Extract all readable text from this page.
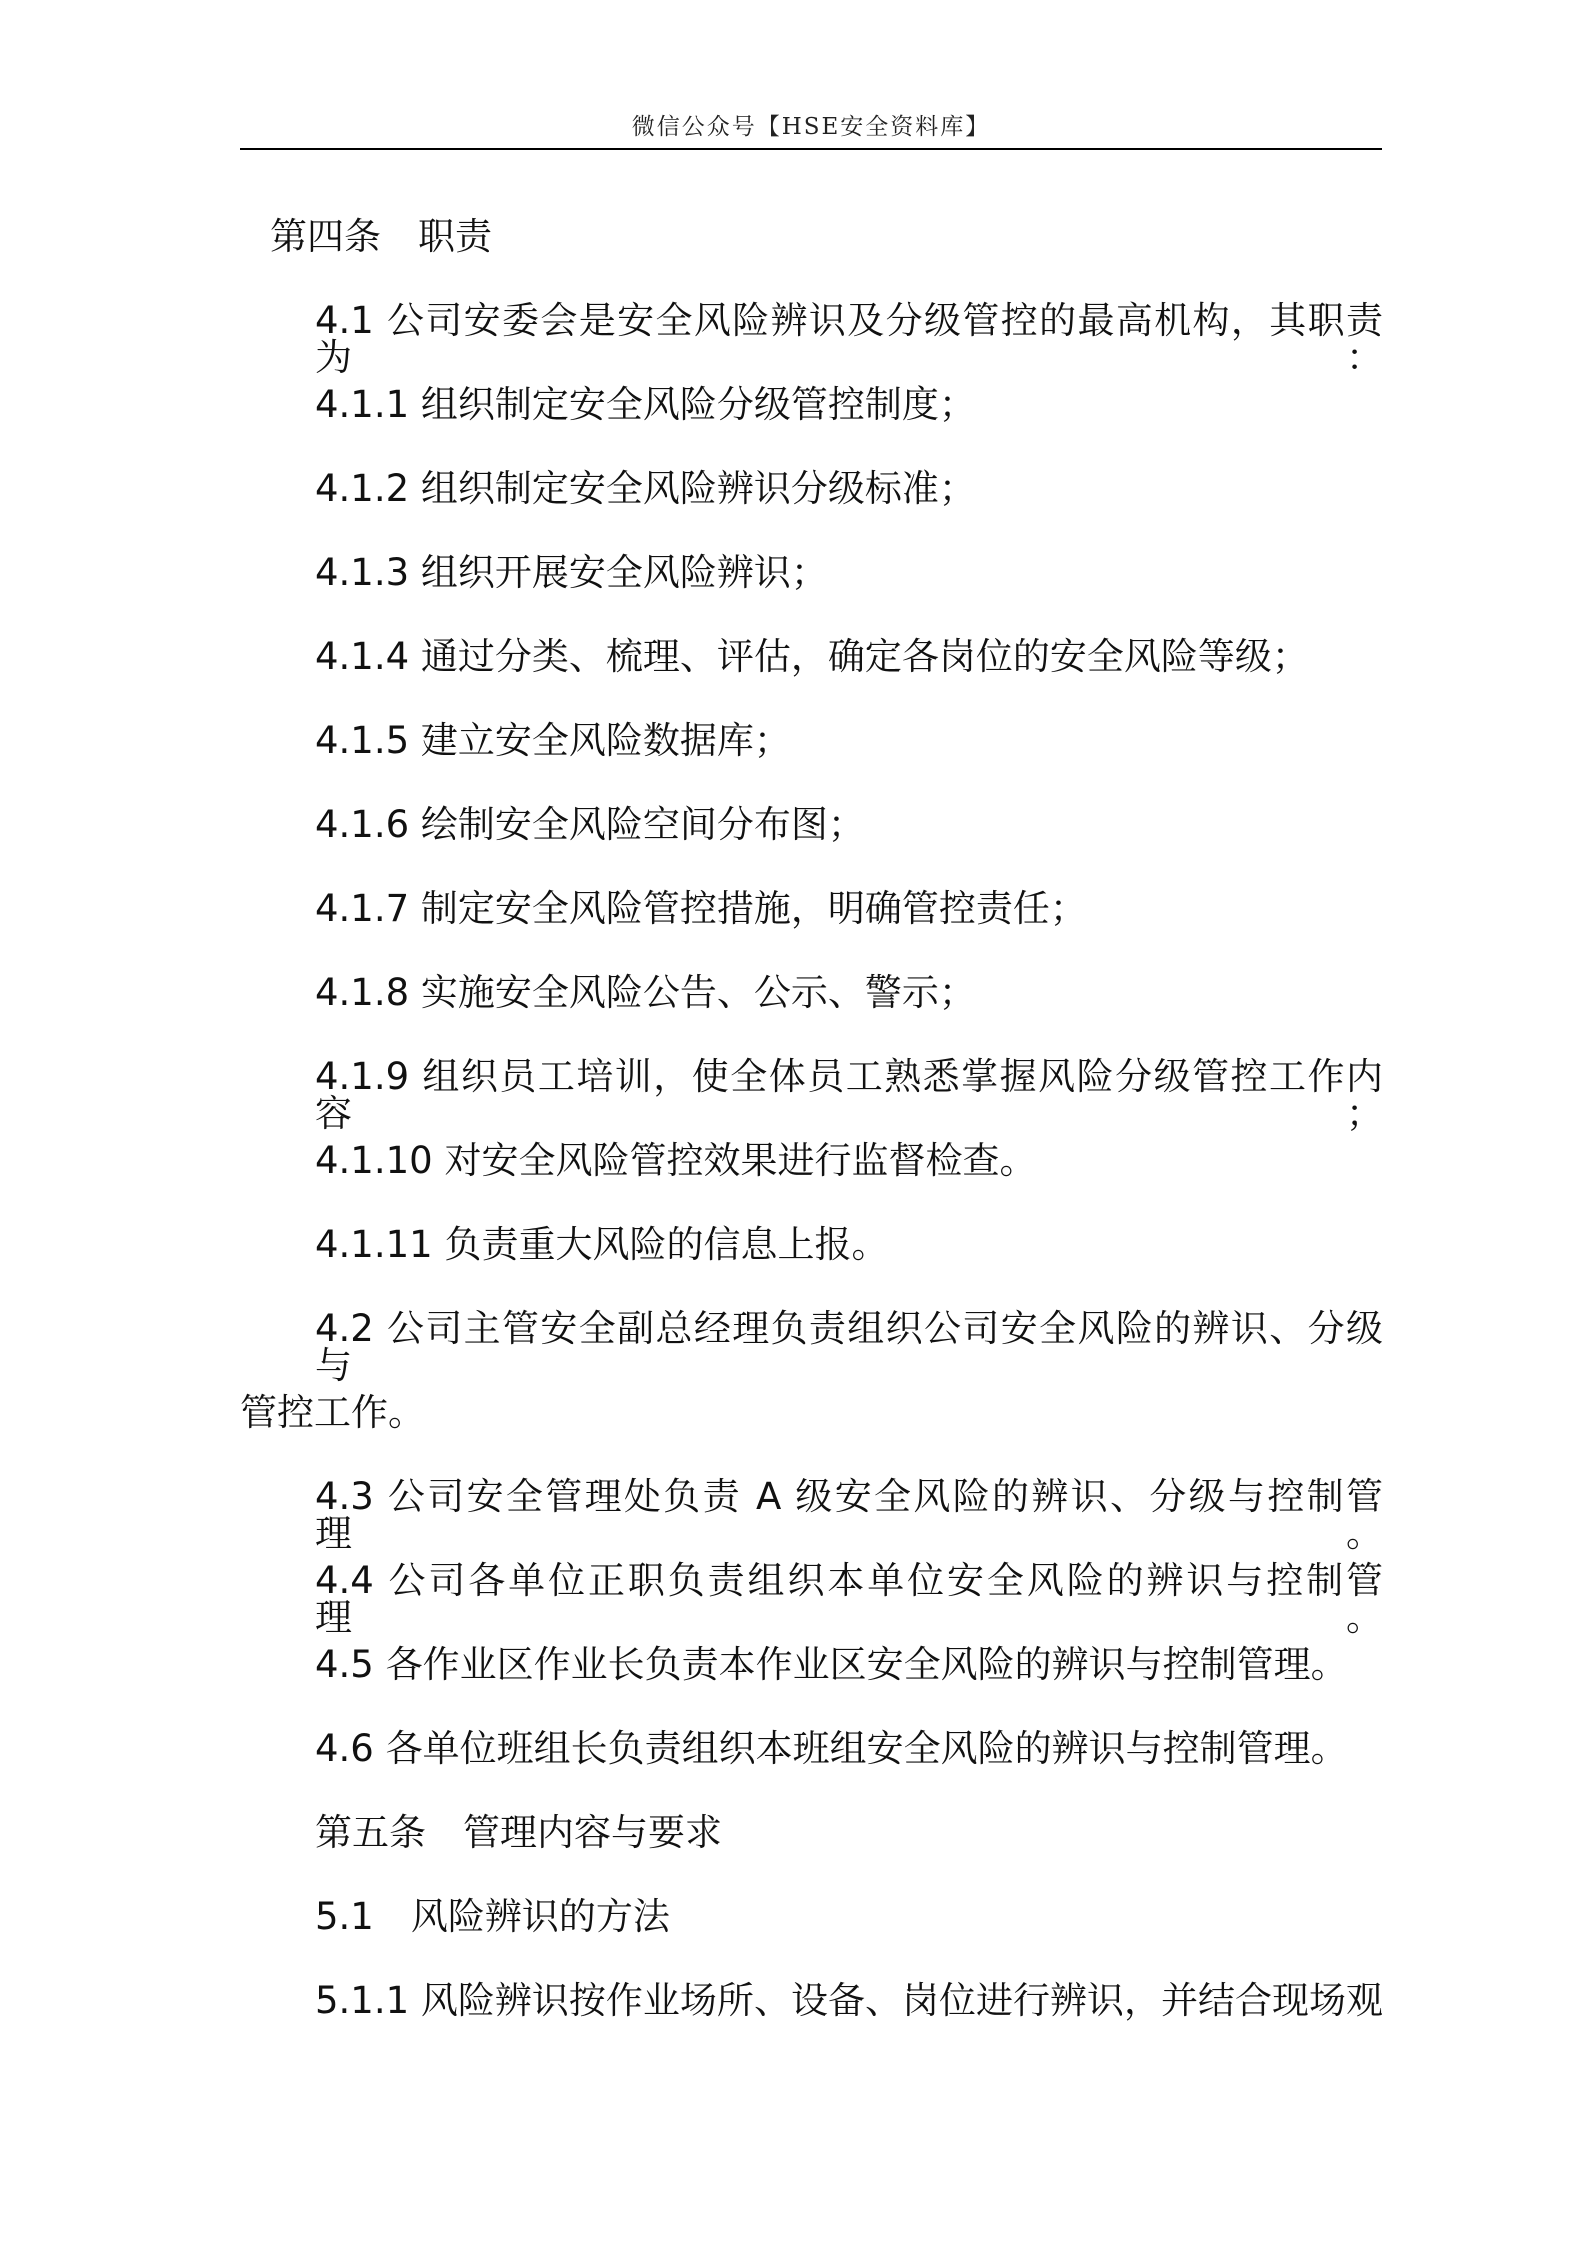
微信公众号【HSE安全资料库】
第四条　职责
4.1 公司安委会是安全风险辨识及分级管控的最高机构，其职责为：
4.1.1 组织制定安全风险分级管控制度；
4.1.2 组织制定安全风险辨识分级标准；
4.1.3 组织开展安全风险辨识；
4.1.4 通过分类、梳理、评估，确定各岗位的安全风险等级；
4.1.5 建立安全风险数据库；
4.1.6 绘制安全风险空间分布图；
4.1.7 制定安全风险管控措施，明确管控责任；
4.1.8 实施安全风险公告、公示、警示；
4.1.9 组织员工培训，使全体员工熟悉掌握风险分级管控工作内容；
4.1.10 对安全风险管控效果进行监督检查。
4.1.11 负责重大风险的信息上报。
4.2 公司主管安全副总经理负责组织公司安全风险的辨识、分级与
管控工作。
4.3 公司安全管理处负责 A 级安全风险的辨识、分级与控制管理。
4.4 公司各单位正职负责组织本单位安全风险的辨识与控制管理。
4.5 各作业区作业长负责本作业区安全风险的辨识与控制管理。
4.6 各单位班组长负责组织本班组安全风险的辨识与控制管理。
第五条　管理内容与要求
5.1　风险辨识的方法
5.1.1 风险辨识按作业场所、设备、岗位进行辨识，并结合现场观
